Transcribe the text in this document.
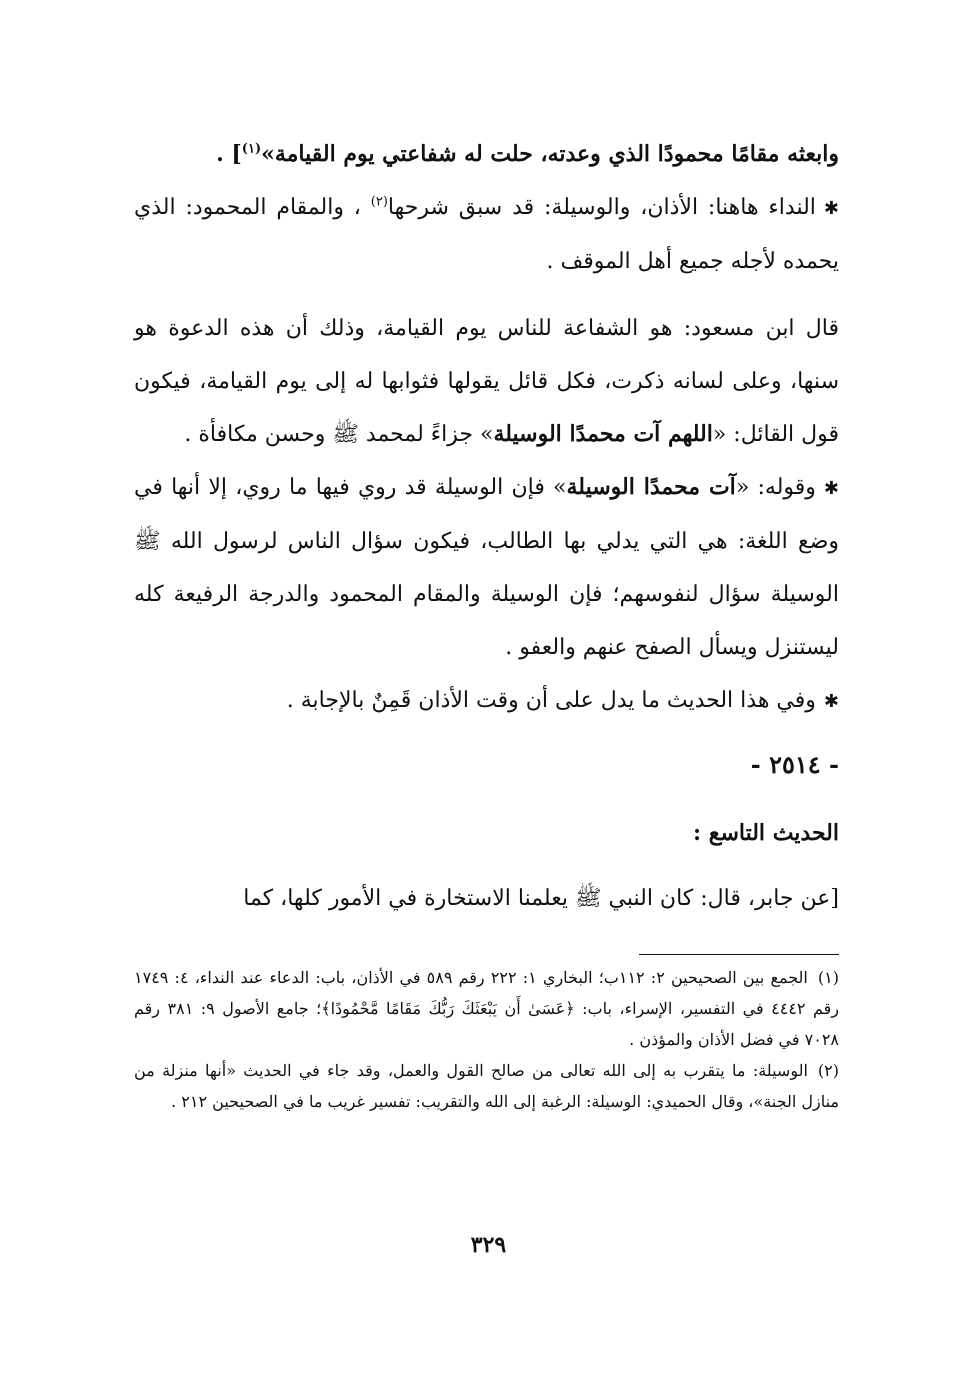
وابعثه مقامًا محمودًا الذي وعدته، حلت له شفاعتي يوم القيامة»$^{(١)}$] .

✱النداء هاهنا: الأذان، والوسيلة: قد سبق شرحها$^{(٢)}$ ، والمقام المحمود: الذي يحمده لأجله جميع أهل الموقف .

قال ابن مسعود: هو الشفاعة للناس يوم القيامة، وذلك أن هذه الدعوة هو سنها، وعلى لسانه ذكرت، فكل قائل يقولها فثوابها له إلى يوم القيامة، فيكون قول القائل: «اللهم آت محمدًا الوسيلة» جزاءً لمحمد ﷺ وحسن مكافأة .

✱وقوله: «آت محمدًا الوسيلة» فإن الوسيلة قد روي فيها ما روي، إلا أنها في وضع اللغة: هي التي يدلي بها الطالب، فيكون سؤال الناس لرسول الله ﷺ الوسيلة سؤال لنفوسهم؛ فإن الوسيلة والمقام المحمود والدرجة الرفيعة كله ليستنزل ويسأل الصفح عنهم والعفو .

✱وفي هذا الحديث ما يدل على أن وقت الأذان قَمِنٌ بالإجابة .

- ٢٥١٤ -

الحديث التاسع :

[عن جابر، قال: كان النبي ﷺ يعلمنا الاستخارة في الأمور كلها، كما

(١)الجمع بين الصحيحين ٢: ١١٢ب؛ البخاري ١: ٢٢٢ رقم ٥٨٩ في الأذان، باب: الدعاء عند النداء، ٤: ١٧٤٩ رقم ٤٤٤٢ في التفسير، الإسراء، باب: ﴿عَسَىٰ أَن يَبْعَثَكَ رَبُّكَ مَقَامًا مَّحْمُودًا﴾؛ جامع الأصول ٩: ٣٨١ رقم ٧٠٢٨ في فضل الأذان والمؤذن .

(٢)الوسيلة: ما يتقرب به إلى الله تعالى من صالح القول والعمل، وقد جاء في الحديث «أنها منزلة من منازل الجنة»، وقال الحميدي: الوسيلة: الرغبة إلى الله والتقريب: تفسير غريب ما في الصحيحين ٢١٢ .

٣٢٩
